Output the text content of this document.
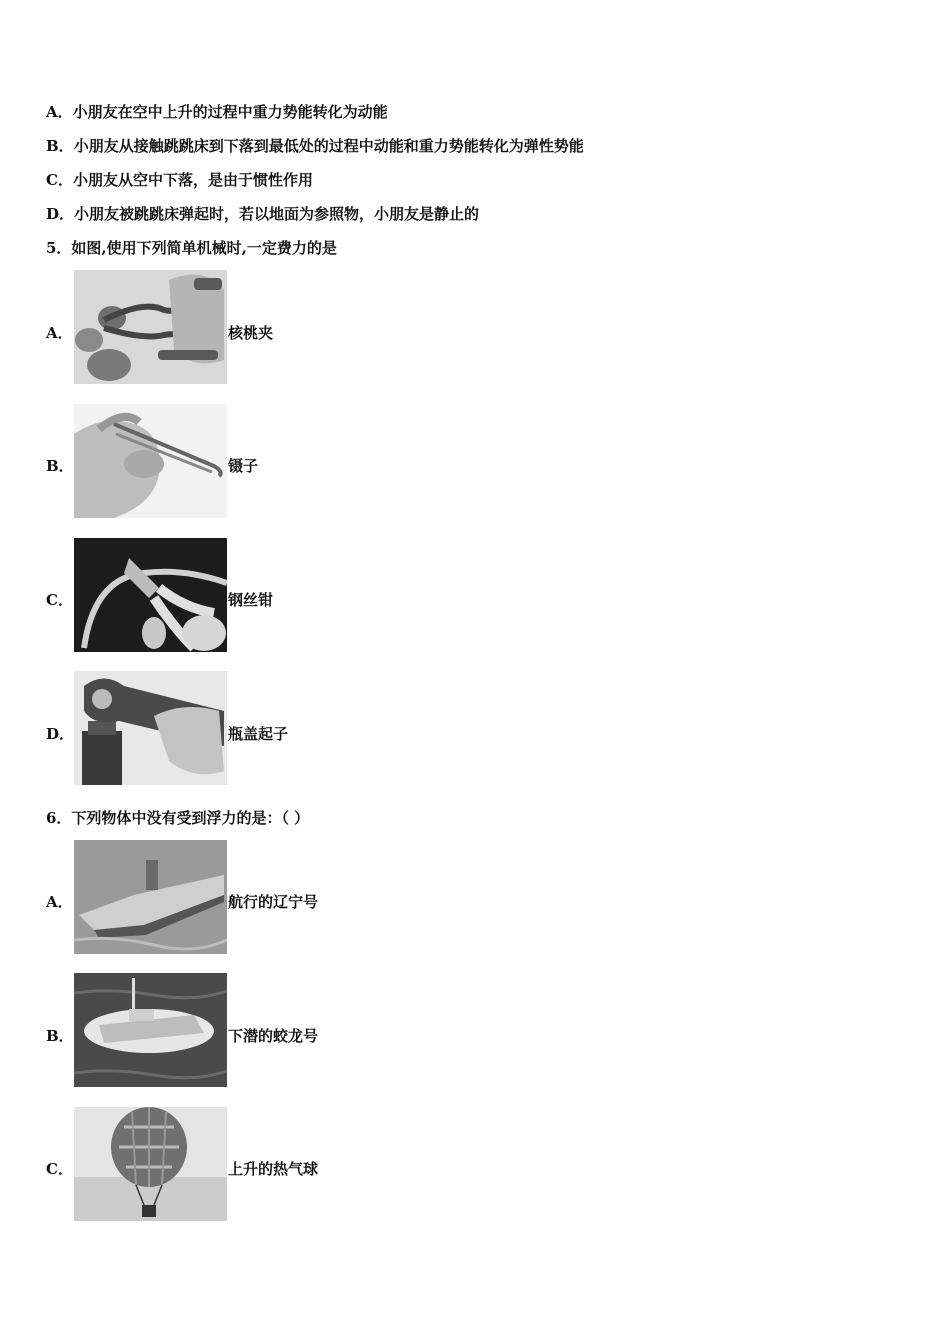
A．小朋友在空中上升的过程中重力势能转化为动能
B．小朋友从接触跳跳床到下落到最低处的过程中动能和重力势能转化为弹性势能
C．小朋友从空中下落，是由于惯性作用
D．小朋友被跳跳床弹起时，若以地面为参照物，小朋友是静止的
5．如图,使用下列简单机械时,一定费力的是
A．	核桃夹
B．	镊子
C．	钢丝钳
D．	瓶盖起子
6．下列物体中没有受到浮力的是：（ ）
A．	航行的辽宁号
B．	下潜的蛟龙号
C．	上升的热气球
